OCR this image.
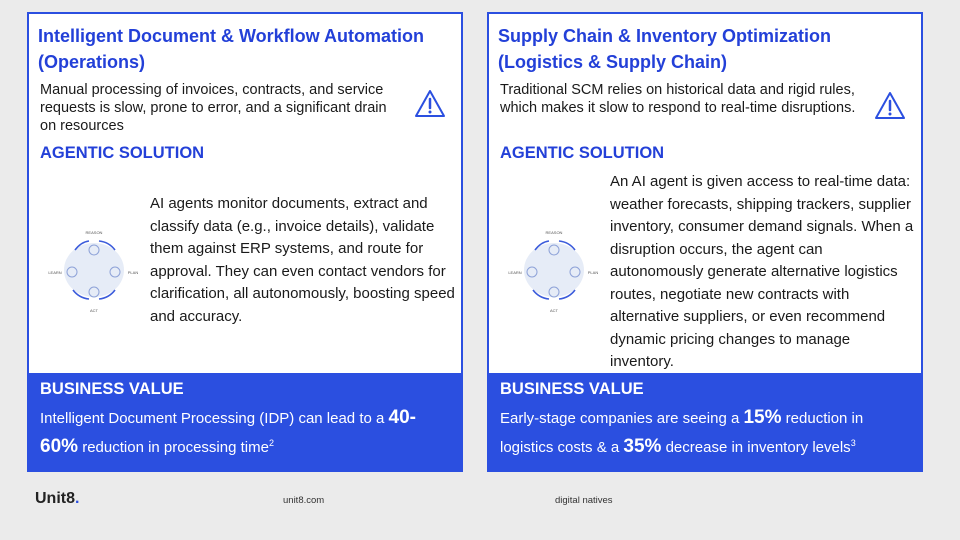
Intelligent Document & Workflow Automation (Operations)
Manual processing of invoices, contracts, and service requests is slow, prone to error, and a significant drain on resources
AGENTIC SOLUTION
REASON
PLAN
ACT
LEARN
AI agents monitor documents, extract and classify data (e.g., invoice details), validate them against ERP systems, and route for approval. They can even contact vendors for clarification, all autonomously, boosting speed and accuracy.
BUSINESS VALUE
Intelligent Document Processing (IDP) can lead to a 40-60% reduction in processing time$^2$
Supply Chain & Inventory Optimization (Logistics & Supply Chain)
Traditional SCM relies on historical data and rigid rules, which makes it slow to respond to real-time disruptions.
AGENTIC SOLUTION
REASON
PLAN
ACT
LEARN
An AI agent is given access to real-time data: weather forecasts, shipping trackers, supplier inventory, consumer demand signals. When a disruption occurs, the agent can autonomously generate alternative logistics routes, negotiate new contracts with alternative suppliers, or even recommend dynamic pricing changes to manage inventory.
BUSINESS VALUE
Early-stage companies are seeing a 15% reduction in logistics costs & a 35% decrease in inventory levels$^3$
Unit8.	unit8.com	digital natives
